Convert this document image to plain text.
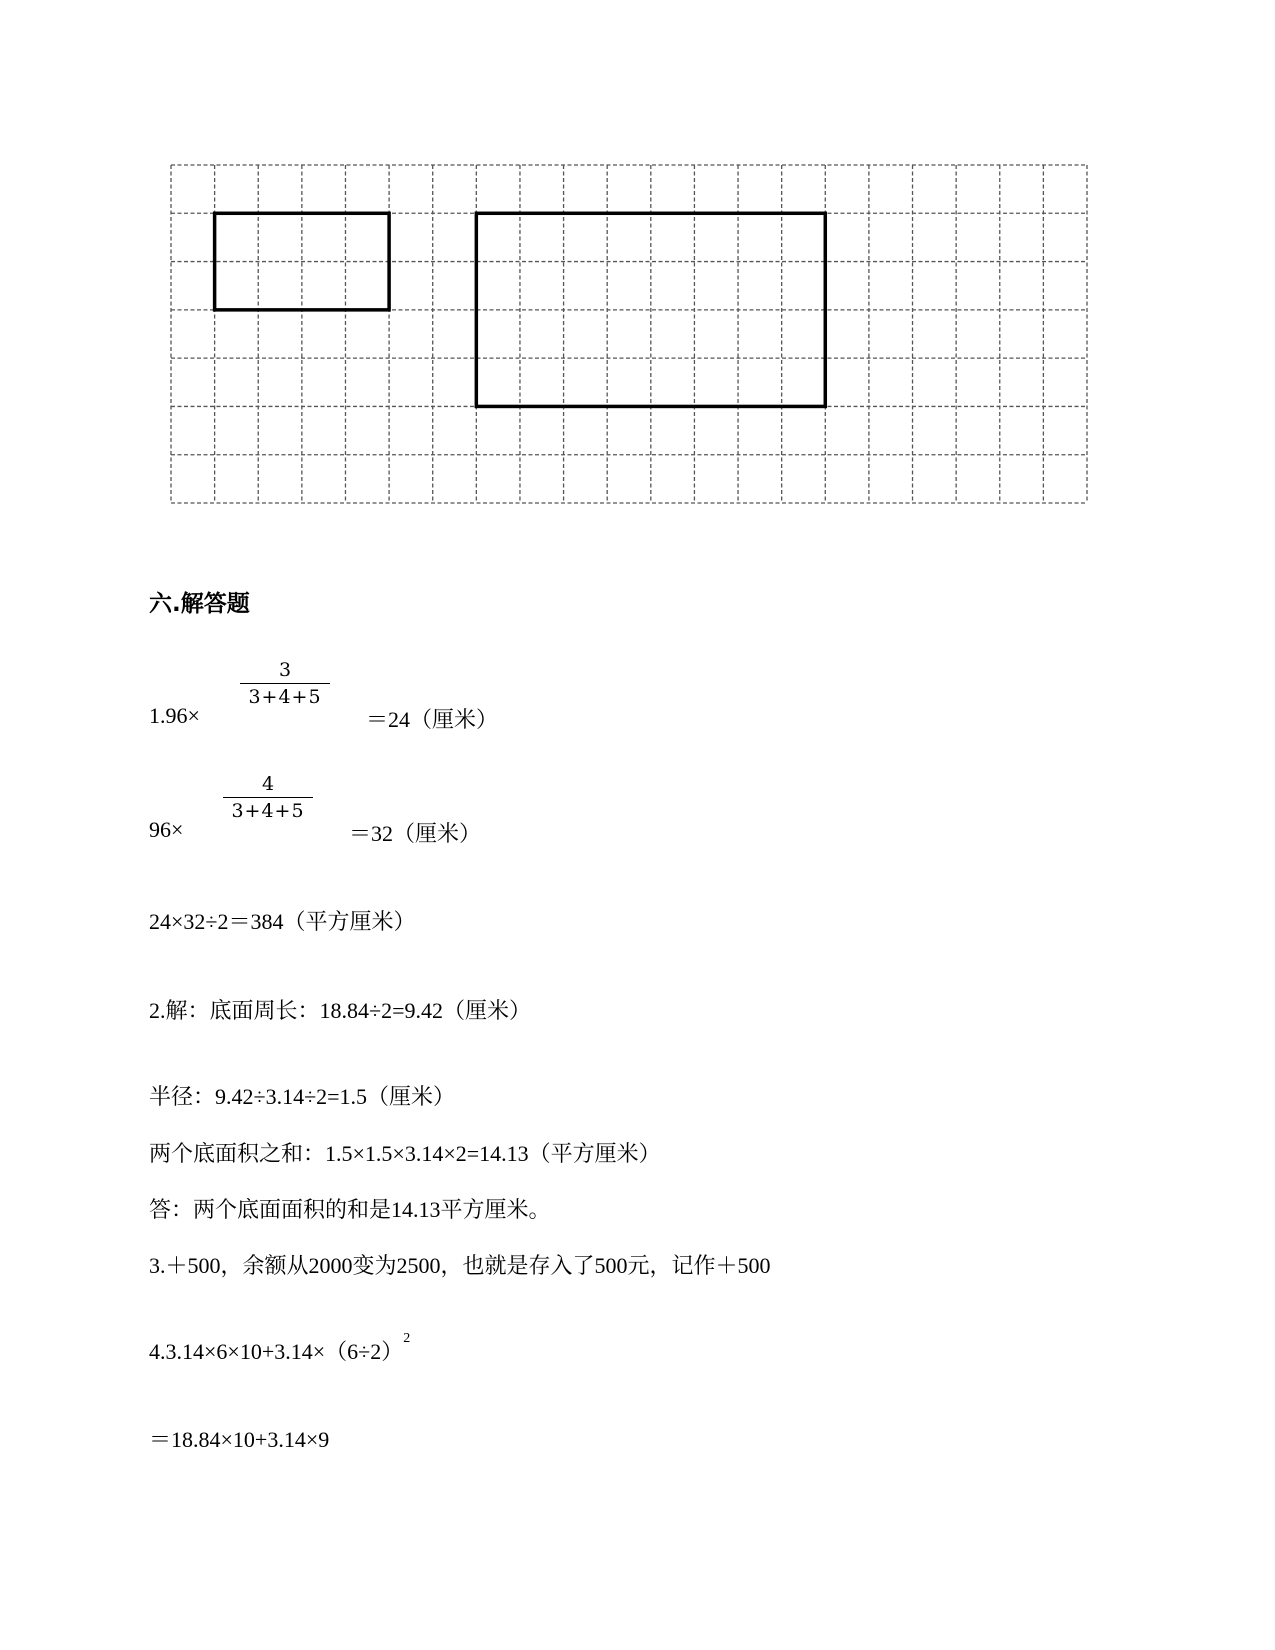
六.解答题
1.96×
3
3+4+5
＝24（厘米）
96×
4
3+4+5
＝32（厘米）
24×32÷2＝384（平方厘米）
2.解：底面周长：18.84÷2=9.42（厘米）
半径：9.42÷3.14÷2=1.5（厘米）
两个底面积之和：1.5×1.5×3.14×2=14.13（平方厘米）
答：两个底面面积的和是14.13平方厘米。
3.＋500，余额从2000变为2500，也就是存入了500元，记作＋500
$4.3.14\times 6\times 10+3.14\times(6\div 2)^2$
＝18.84×10+3.14×9
